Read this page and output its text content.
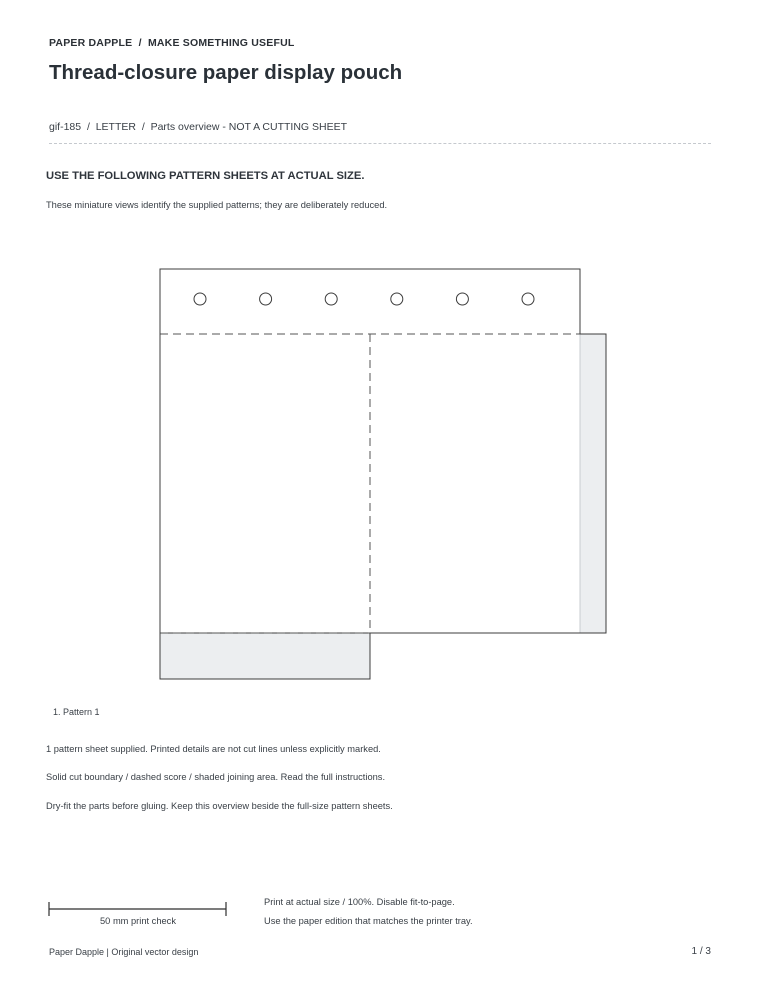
PAPER DAPPLE / MAKE SOMETHING USEFUL
Thread-closure paper display pouch
gif-185 / LETTER / Parts overview - NOT A CUTTING SHEET
USE THE FOLLOWING PATTERN SHEETS AT ACTUAL SIZE.
These miniature views identify the supplied patterns; they are deliberately reduced.
1. Pattern 1
1 pattern sheet supplied. Printed details are not cut lines unless explicitly marked.
Solid cut boundary / dashed score / shaded joining area. Read the full instructions.
Dry-fit the parts before gluing. Keep this overview beside the full-size pattern sheets.
50 mm print check
Print at actual size / 100%. Disable fit-to-page.
Use the paper edition that matches the printer tray.
Paper Dapple | Original vector design	1 / 3
